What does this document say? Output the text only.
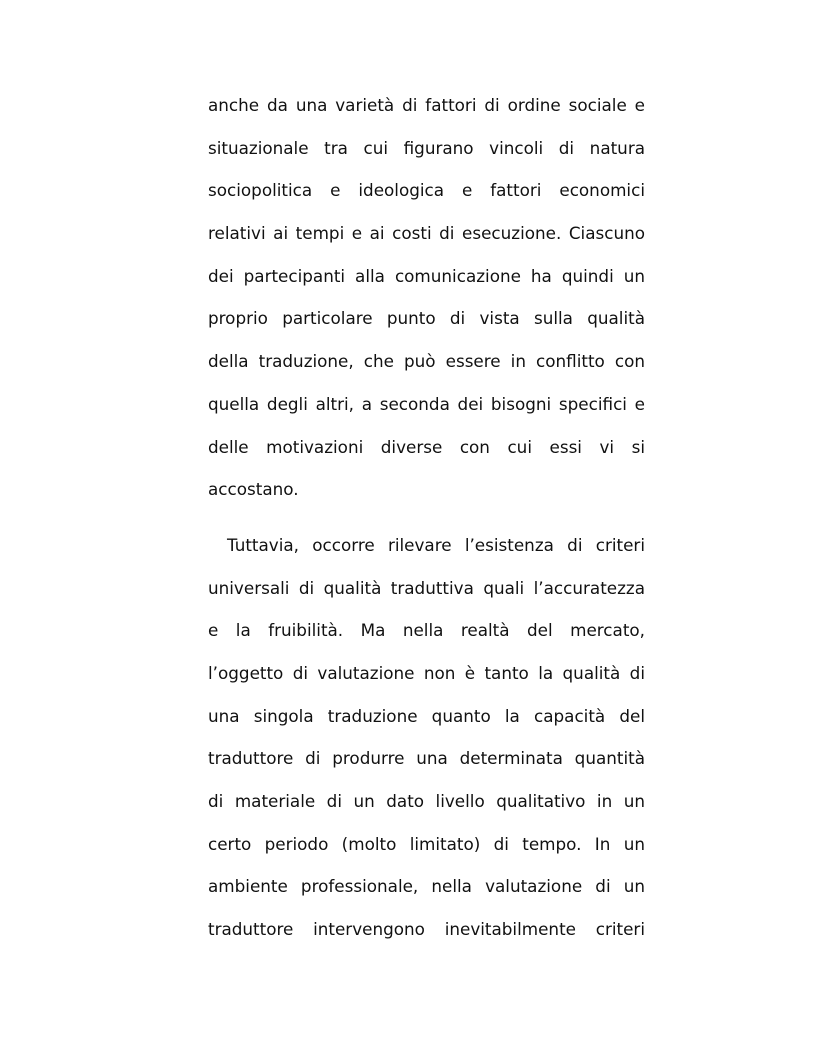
anche da una varietà di fattori di ordine sociale e
situazionale tra cui figurano vincoli di natura
sociopolitica e ideologica e fattori economici
relativi ai tempi e ai costi di esecuzione. Ciascuno
dei partecipanti alla comunicazione ha quindi un
proprio particolare punto di vista sulla qualità
della traduzione, che può essere in conflitto con
quella degli altri, a seconda dei bisogni specifici e
delle motivazioni diverse con cui essi vi si
accostano.
Tuttavia, occorre rilevare l’esistenza di criteri
universali di qualità traduttiva quali l’accuratezza
e la fruibilità. Ma nella realtà del mercato,
l’oggetto di valutazione non è tanto la qualità di
una singola traduzione quanto la capacità del
traduttore di produrre una determinata quantità
di materiale di un dato livello qualitativo in un
certo periodo (molto limitato) di tempo. In un
ambiente professionale, nella valutazione di un
traduttore intervengono inevitabilmente criteri
